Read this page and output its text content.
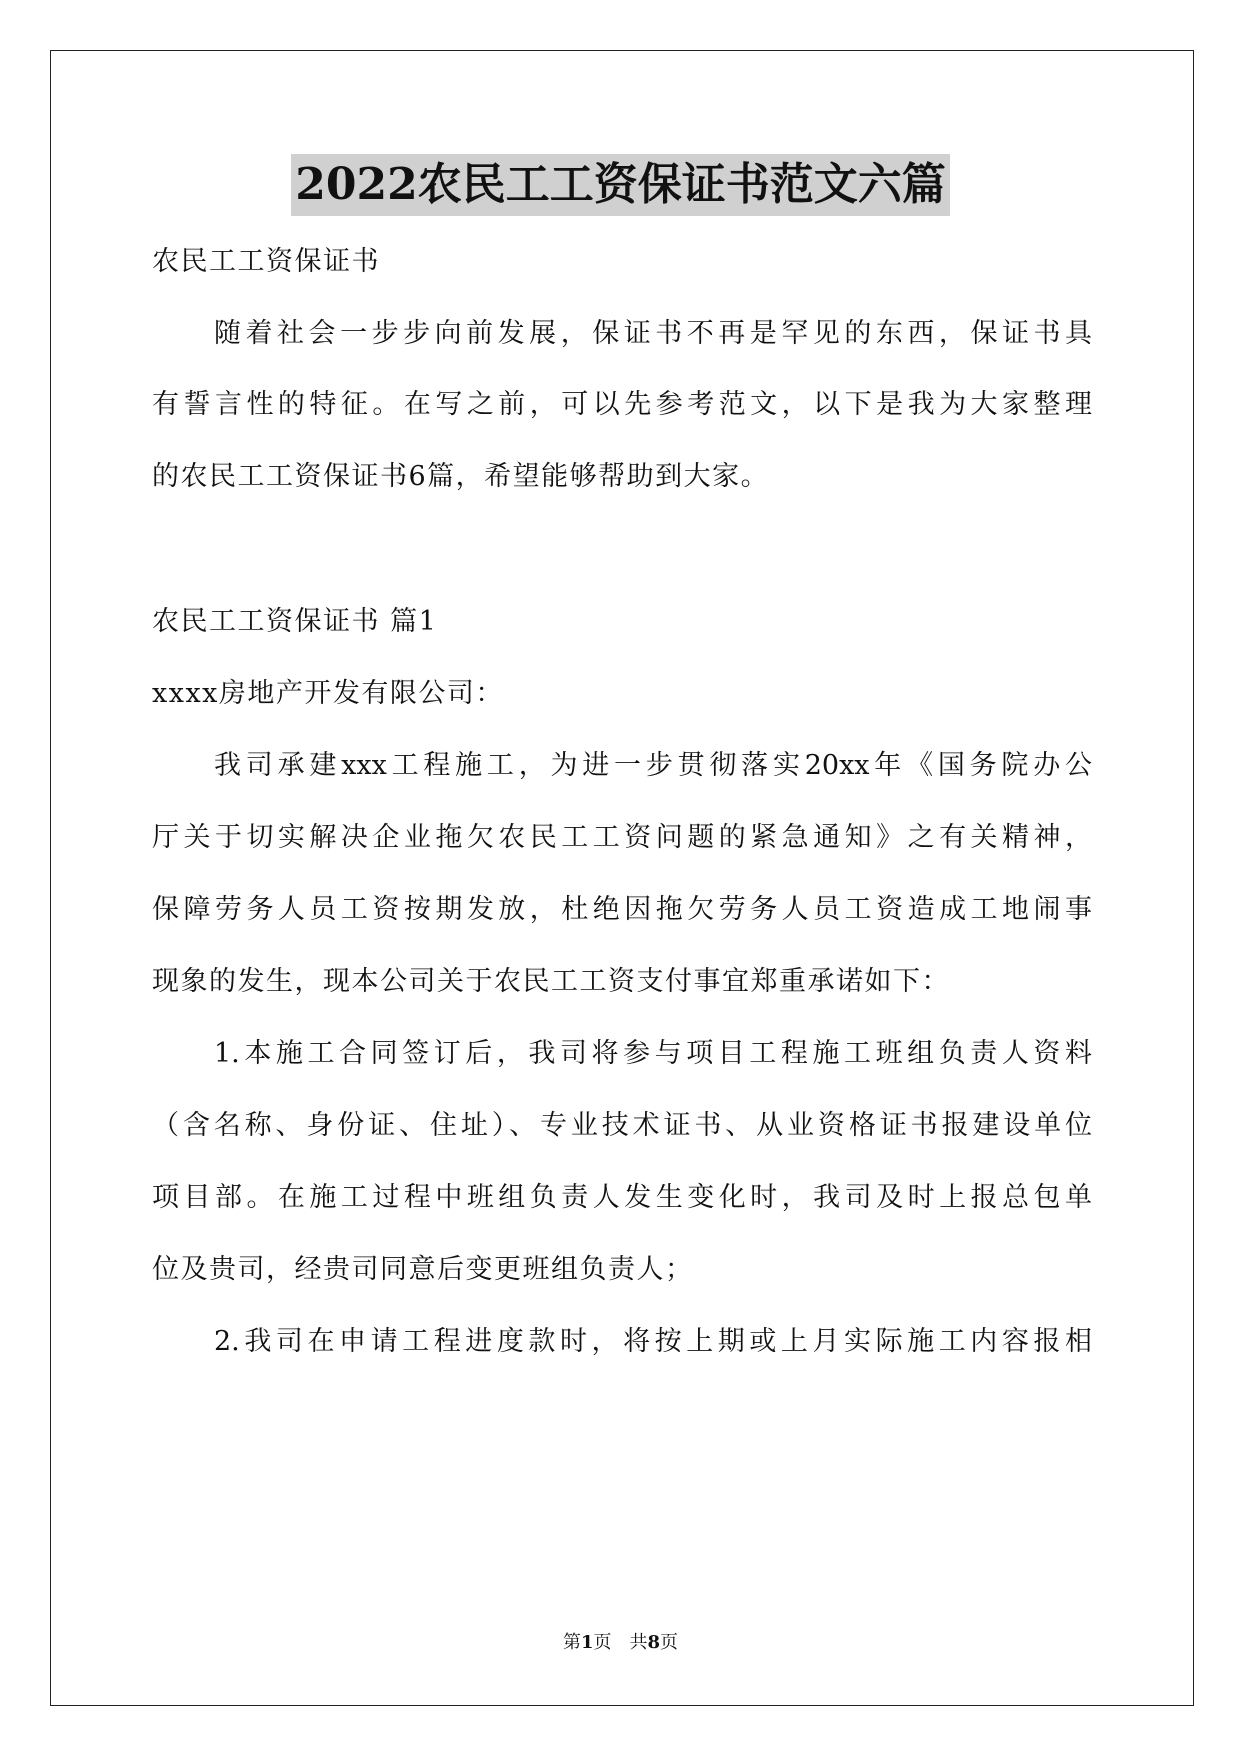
2022农民工工资保证书范文六篇
农民工工资保证书
随着社会一步步向前发展，保证书不再是罕见的东西，保证书具
有誓言性的特征。在写之前，可以先参考范文，以下是我为大家整理
的农民工工资保证书6篇，希望能够帮助到大家。
农民工工资保证书 篇1
xxxx房地产开发有限公司：
我司承建xxx工程施工，为进一步贯彻落实20xx年《国务院办公
厅关于切实解决企业拖欠农民工工资问题的紧急通知》之有关精神，
保障劳务人员工资按期发放，杜绝因拖欠劳务人员工资造成工地闹事
现象的发生，现本公司关于农民工工资支付事宜郑重承诺如下：
1.本施工合同签订后，我司将参与项目工程施工班组负责人资料
（含名称、身份证、住址）、专业技术证书、从业资格证书报建设单位
项目部。在施工过程中班组负责人发生变化时，我司及时上报总包单
位及贵司，经贵司同意后变更班组负责人；
2.我司在申请工程进度款时，将按上期或上月实际施工内容报相
第1页　共8页
